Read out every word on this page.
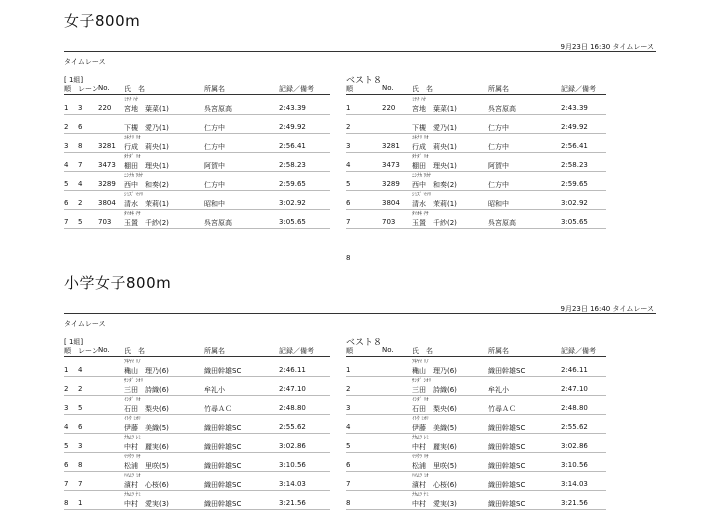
女子800m
9月23日 16:30 タイムレース
タイムレース
[ 1組]	ベスト８
順 レーン No. 氏　名	所属名	記録／備考	順	No.	氏　名	所属名	記録／備考
ﾐﾔﾁ ﾊﾅ
1 3 220 宮地　葉菜(1)	呉宮原高	2:43.39
2 6	下槻　愛乃(1)	仁方中	2:49.92
ﾕｷﾅﾘ ﾘｵ
3 8 3281 行成　莉央(1)	仁方中	2:56.41
ﾀﾅﾀﾞ ﾘｵ
4 7 3473 棚田　理央(1)	阿賀中	2:58.23
ﾆｼﾅｶ ﾜｶﾅ
5 4 3289 西中　和奏(2)	仁方中	2:59.65
ｼﾐｽﾞ ﾏﾂﾘ
6 2 3804 清水　茉莉(1)	昭和中	3:02.92
ﾀﾏｵｷ ﾁｻ
7 5 703 玉置　千紗(2)	呉宮原高	3:05.65
ﾐﾔﾁ ﾊﾅ
1	220 宮地　葉菜(1)	呉宮原高	2:43.39
2	下槻　愛乃(1)	仁方中	2:49.92
ﾕｷﾅﾘ ﾘｵ
3	3281 行成　莉央(1)	仁方中	2:56.41
ﾀﾅﾀﾞ ﾘｵ
4	3473 棚田　理央(1)	阿賀中	2:58.23
ﾆｼﾅｶ ﾜｶﾅ
5	3289 西中　和奏(2)	仁方中	2:59.65
ｼﾐｽﾞ ﾏﾂﾘ
6	3804 清水　茉莉(1)	昭和中	3:02.92
ﾀﾏｵｷ ﾁｻ
7	703 玉置　千紗(2)	呉宮原高	3:05.65
8
小学女子800m
9月23日 16:40 タイムレース
タイムレース
[ 1組]	ベスト８
順 レーン No. 氏　名	所属名	記録／備考	順	No.	氏　名	所属名	記録／備考
ｱｷﾔﾏ ﾘﾉ
1 4	穐山　理乃(6)	織田幹雄SC	2:46.11
ｻﾝﾀﾞ ｼｵﾘ
2 2	三田　詩織(6)	牟礼小	2:47.10
ｲｼﾀﾞ ﾘｵ
3 5	石田　梨央(6)	竹尋ＡＣ	2:48.80
ｲﾄｳ ﾐｵﾘ
4 6	伊藤　美織(5)	織田幹雄SC	2:55.62
ﾅｶﾑﾗ ﾚﾐ
5 3	中村　麗実(6)	織田幹雄SC	3:02.86
ﾏﾂｳﾗ ﾘｻ
6 8	松浦　里咲(5)	織田幹雄SC	3:10.56
ﾊﾏﾑﾗ ﾐｵ
7 7	濱村　心桜(6)	織田幹雄SC	3:14.03
ﾅｶﾑﾗ ﾅﾐ
8 1	中村　愛実(3)	織田幹雄SC	3:21.56
ｱｷﾔﾏ ﾘﾉ
1	穐山　理乃(6)	織田幹雄SC	2:46.11
ｻﾝﾀﾞ ｼｵﾘ
2	三田　詩織(6)	牟礼小	2:47.10
ｲｼﾀﾞ ﾘｵ
3	石田　梨央(6)	竹尋ＡＣ	2:48.80
ｲﾄｳ ﾐｵﾘ
4	伊藤　美織(5)	織田幹雄SC	2:55.62
ﾅｶﾑﾗ ﾚﾐ
5	中村　麗実(6)	織田幹雄SC	3:02.86
ﾏﾂｳﾗ ﾘｻ
6	松浦　里咲(5)	織田幹雄SC	3:10.56
ﾊﾏﾑﾗ ﾐｵ
7	濱村　心桜(6)	織田幹雄SC	3:14.03
ﾅｶﾑﾗ ﾅﾐ
8	中村　愛実(3)	織田幹雄SC	3:21.56
